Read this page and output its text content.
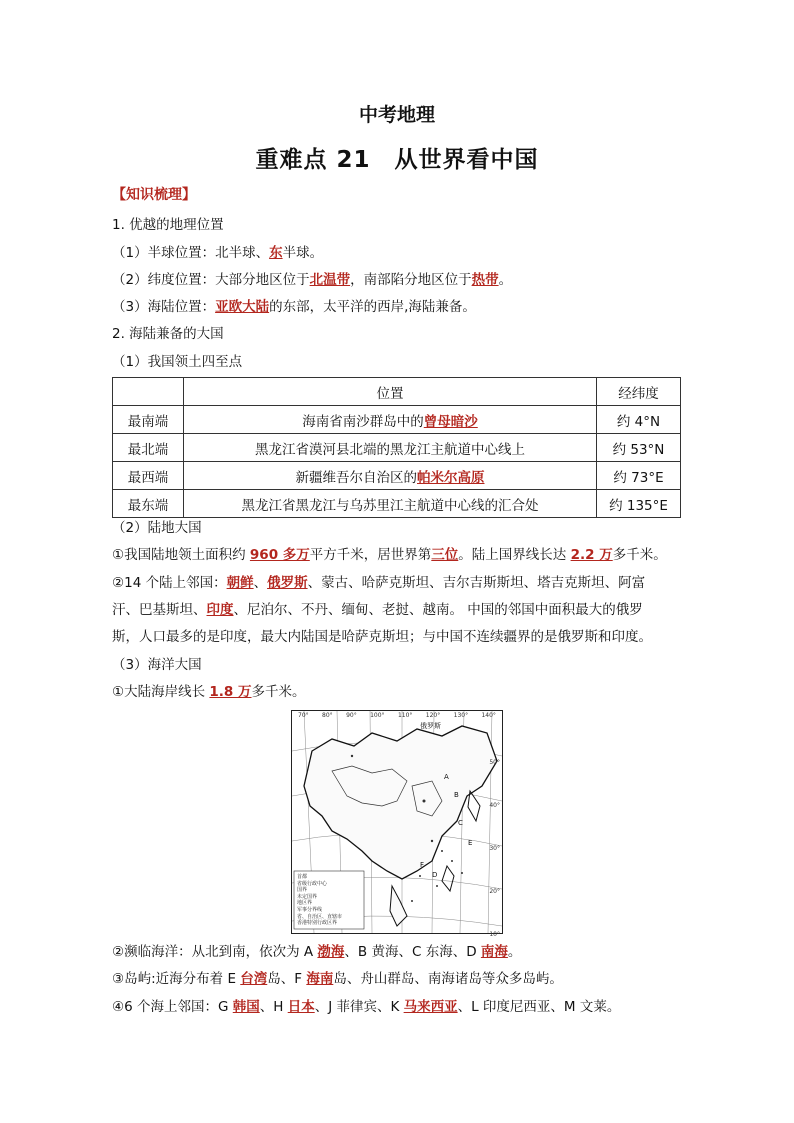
中考地理
重难点 21　从世界看中国
【知识梳理】
1. 优越的地理位置
（1）半球位置：北半球、东半球。
（2）纬度位置：大部分地区位于北温带，南部陷分地区位于热带。
（3）海陆位置：亚欧大陆的东部，太平洋的西岸,海陆兼备。
2. 海陆兼备的大国
（1）我国领土四至点
	位置	经纬度
最南端	海南省南沙群岛中的曾母暗沙	约 4°N
最北端	黑龙江省漠河县北端的黑龙江主航道中心线上	约 53°N
最西端	新疆维吾尔自治区的帕米尔高原	约 73°E
最东端	黑龙江省黑龙江与乌苏里江主航道中心线的汇合处	约 135°E
（2）陆地大国
①我国陆地领土面积约 960 多万平方千米，居世界第三位。陆上国界线长达 2.2 万多千米。
②14 个陆上邻国：朝鲜、俄罗斯、蒙古、哈萨克斯坦、吉尔吉斯斯坦、塔吉克斯坦、阿富
汗、巴基斯坦、印度、尼泊尔、不丹、缅甸、老挝、越南。 中国的邻国中面积最大的俄罗
斯，人口最多的是印度，最大内陆国是哈萨克斯坦；与中国不连续疆界的是俄罗斯和印度。
（3）海洋大国
①大陆海岸线长 1.8 万多千米。
70° 80° 90° 100° 110° 120° 130° 140°
50°
40°
30°
20°
10°
俄罗斯
A
B
C
D
E
F
首都
省级行政中心
国界
未定国界
地区界
军事分界线
省、自治区、直辖市
香港特别行政区界
②濒临海洋：从北到南，依次为 A 渤海、B 黄海、C 东海、D 南海。
③岛屿:近海分布着 E 台湾岛、F 海南岛、舟山群岛、南海诸岛等众多岛屿。
④6 个海上邻国：G 韩国、H 日本、J 菲律宾、K 马来西亚、L 印度尼西亚、M 文莱。
